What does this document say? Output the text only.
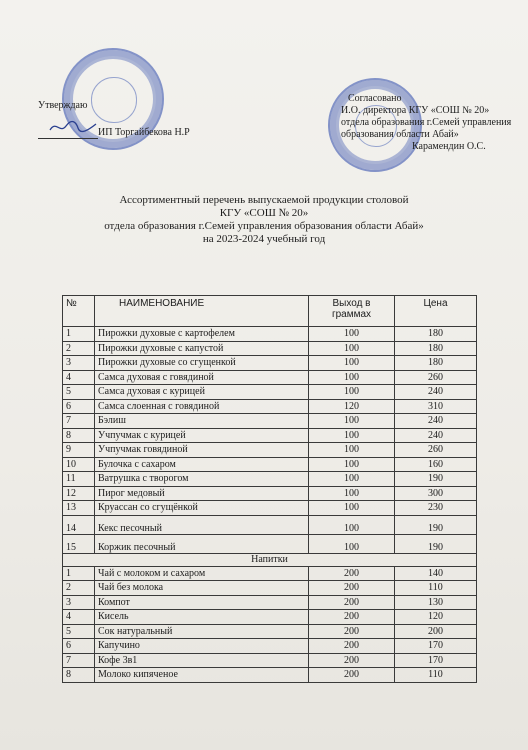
Утверждаю
ИП Торгайбекова Н.Р
Согласовано
И.О. директора КГУ «СОШ № 20»
отдела образования г.Семей управления
образования области Абай»
Карамендин О.С.
Ассортиментный перечень выпускаемой продукции столовой
КГУ «СОШ № 20»
отдела образования г.Семей управления образования области Абай»
на 2023-2024 учебный год
№	НАИМЕНОВАНИЕ	Выход в граммах	Цена
1	Пирожки духовые с картофелем	100	180
2	Пирожки духовые с капустой	100	180
3	Пирожки духовые со сгущенкой	100	180
4	Самса духовая с говядиной	100	260
5	Самса духовая с курицей	100	240
6	Самса слоенная с говядиной	120	310
7	Бэлиш	100	240
8	Учпучмак с курицей	100	240
9	Учпучмак говядиной	100	260
10	Булочка с сахаром	100	160
11	Ватрушка с творогом	100	190
12	Пирог медовый	100	300
13	Круассан со сгущёнкой	100	230
14	Кекс песочный	100	190
15	Коржик песочный	100	190
Напитки			
1	Чай с молоком и сахаром	200	140
2	Чай без молока	200	110
3	Компот	200	130
4	Кисель	200	120
5	Сок натуральный	200	200
6	Капучино	200	170
7	Кофе 3в1	200	170
8	Молоко кипяченое	200	110
